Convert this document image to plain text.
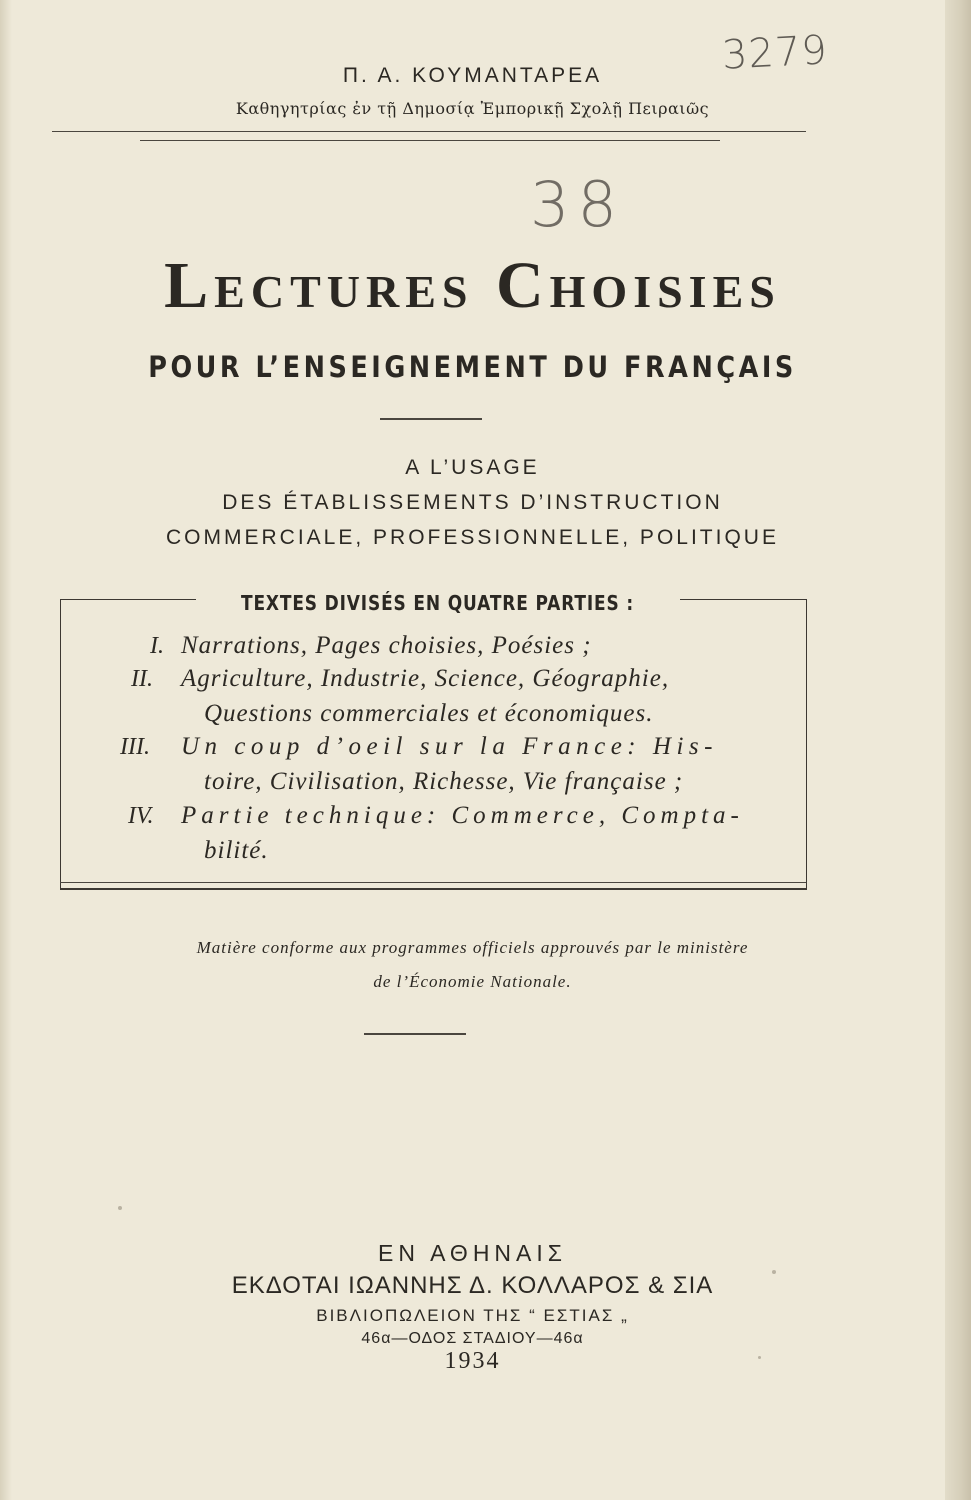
3279
Π. Α. ΚΟΥΜΑΝΤΑΡΕΑ
Καθηγητρίας ἐν τῇ Δημοσίᾳ Ἐμπορικῇ Σχολῇ Πειραιῶς
38
Lectures Choisies
POUR L’ENSEIGNEMENT DU FRANÇAIS
A L’USAGE
DES ÉTABLISSEMENTS D’INSTRUCTION
COMMERCIALE, PROFESSIONNELLE, POLITIQUE
TEXTES DIVISÉS EN QUATRE PARTIES :
I. Narrations, Pages choisies, Poésies ;
II. Agriculture, Industrie, Science, Géographie,
Questions commerciales et économiques.
III. Un coup d’oeil sur la France: His-
toire, Civilisation, Richesse, Vie française ;
IV. Partie technique: Commerce, Compta-
bilité.
Matière conforme aux programmes officiels approuvés par le ministère
de l’Économie Nationale.
ΕΝ ΑΘΗΝΑΙΣ
ΕΚΔΟΤΑΙ ΙΩΑΝΝΗΣ Δ. ΚΟΛΛΑΡΟΣ & ΣΙΑ
ΒΙΒΛΙΟΠΩΛΕΙΟΝ ΤΗΣ “ ΕΣΤΙΑΣ „
46α—ΟΔΟΣ ΣΤΑΔΙΟΥ—46α
1934
